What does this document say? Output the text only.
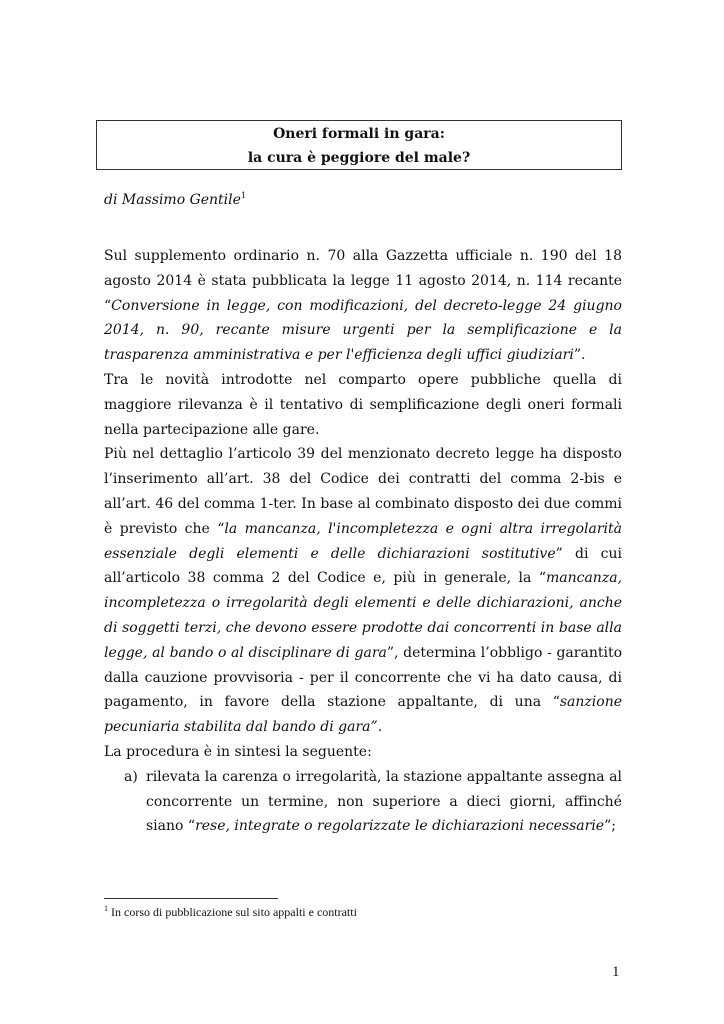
Oneri formali in gara:
la cura è peggiore del male?
di Massimo Gentile$^1$

Sul supplemento ordinario n. 70 alla Gazzetta ufficiale n. 190 del 18 agosto 2014 è stata pubblicata la legge 11 agosto 2014, n. 114 recante “Conversione in legge, con modificazioni, del decreto-legge 24 giugno 2014, n. 90, recante misure urgenti per la semplificazione e la trasparenza amministrativa e per l'efficienza degli uffici giudiziari”.

Tra le novità introdotte nel comparto opere pubbliche quella di maggiore rilevanza è il tentativo di semplificazione degli oneri formali nella partecipazione alle gare.

Più nel dettaglio l’articolo 39 del menzionato decreto legge ha disposto l’inserimento all’art. 38 del Codice dei contratti del comma 2-bis e all’art. 46 del comma 1-ter. In base al combinato disposto dei due commi è previsto che “la mancanza, l'incompletezza e ogni altra irregolarità essenziale degli elementi e delle dichiarazioni sostitutive” di cui all’articolo 38 comma 2 del Codice e, più in generale, la “mancanza, incompletezza o irregolarità degli elementi e delle dichiarazioni, anche di soggetti terzi, che devono essere prodotte dai concorrenti in base alla legge, al bando o al disciplinare di gara”, determina l’obbligo - garantito dalla cauzione provvisoria - per il concorrente che vi ha dato causa, di pagamento, in favore della stazione appaltante, di una “sanzione pecuniaria stabilita dal bando di gara”.

La procedura è in sintesi la seguente:

a) rilevata la carenza o irregolarità, la stazione appaltante assegna al concorrente un termine, non superiore a dieci giorni, affinché siano “rese, integrate o regolarizzate le dichiarazioni necessarie”;
$^1$ In corso di pubblicazione sul sito appalti e contratti
1
